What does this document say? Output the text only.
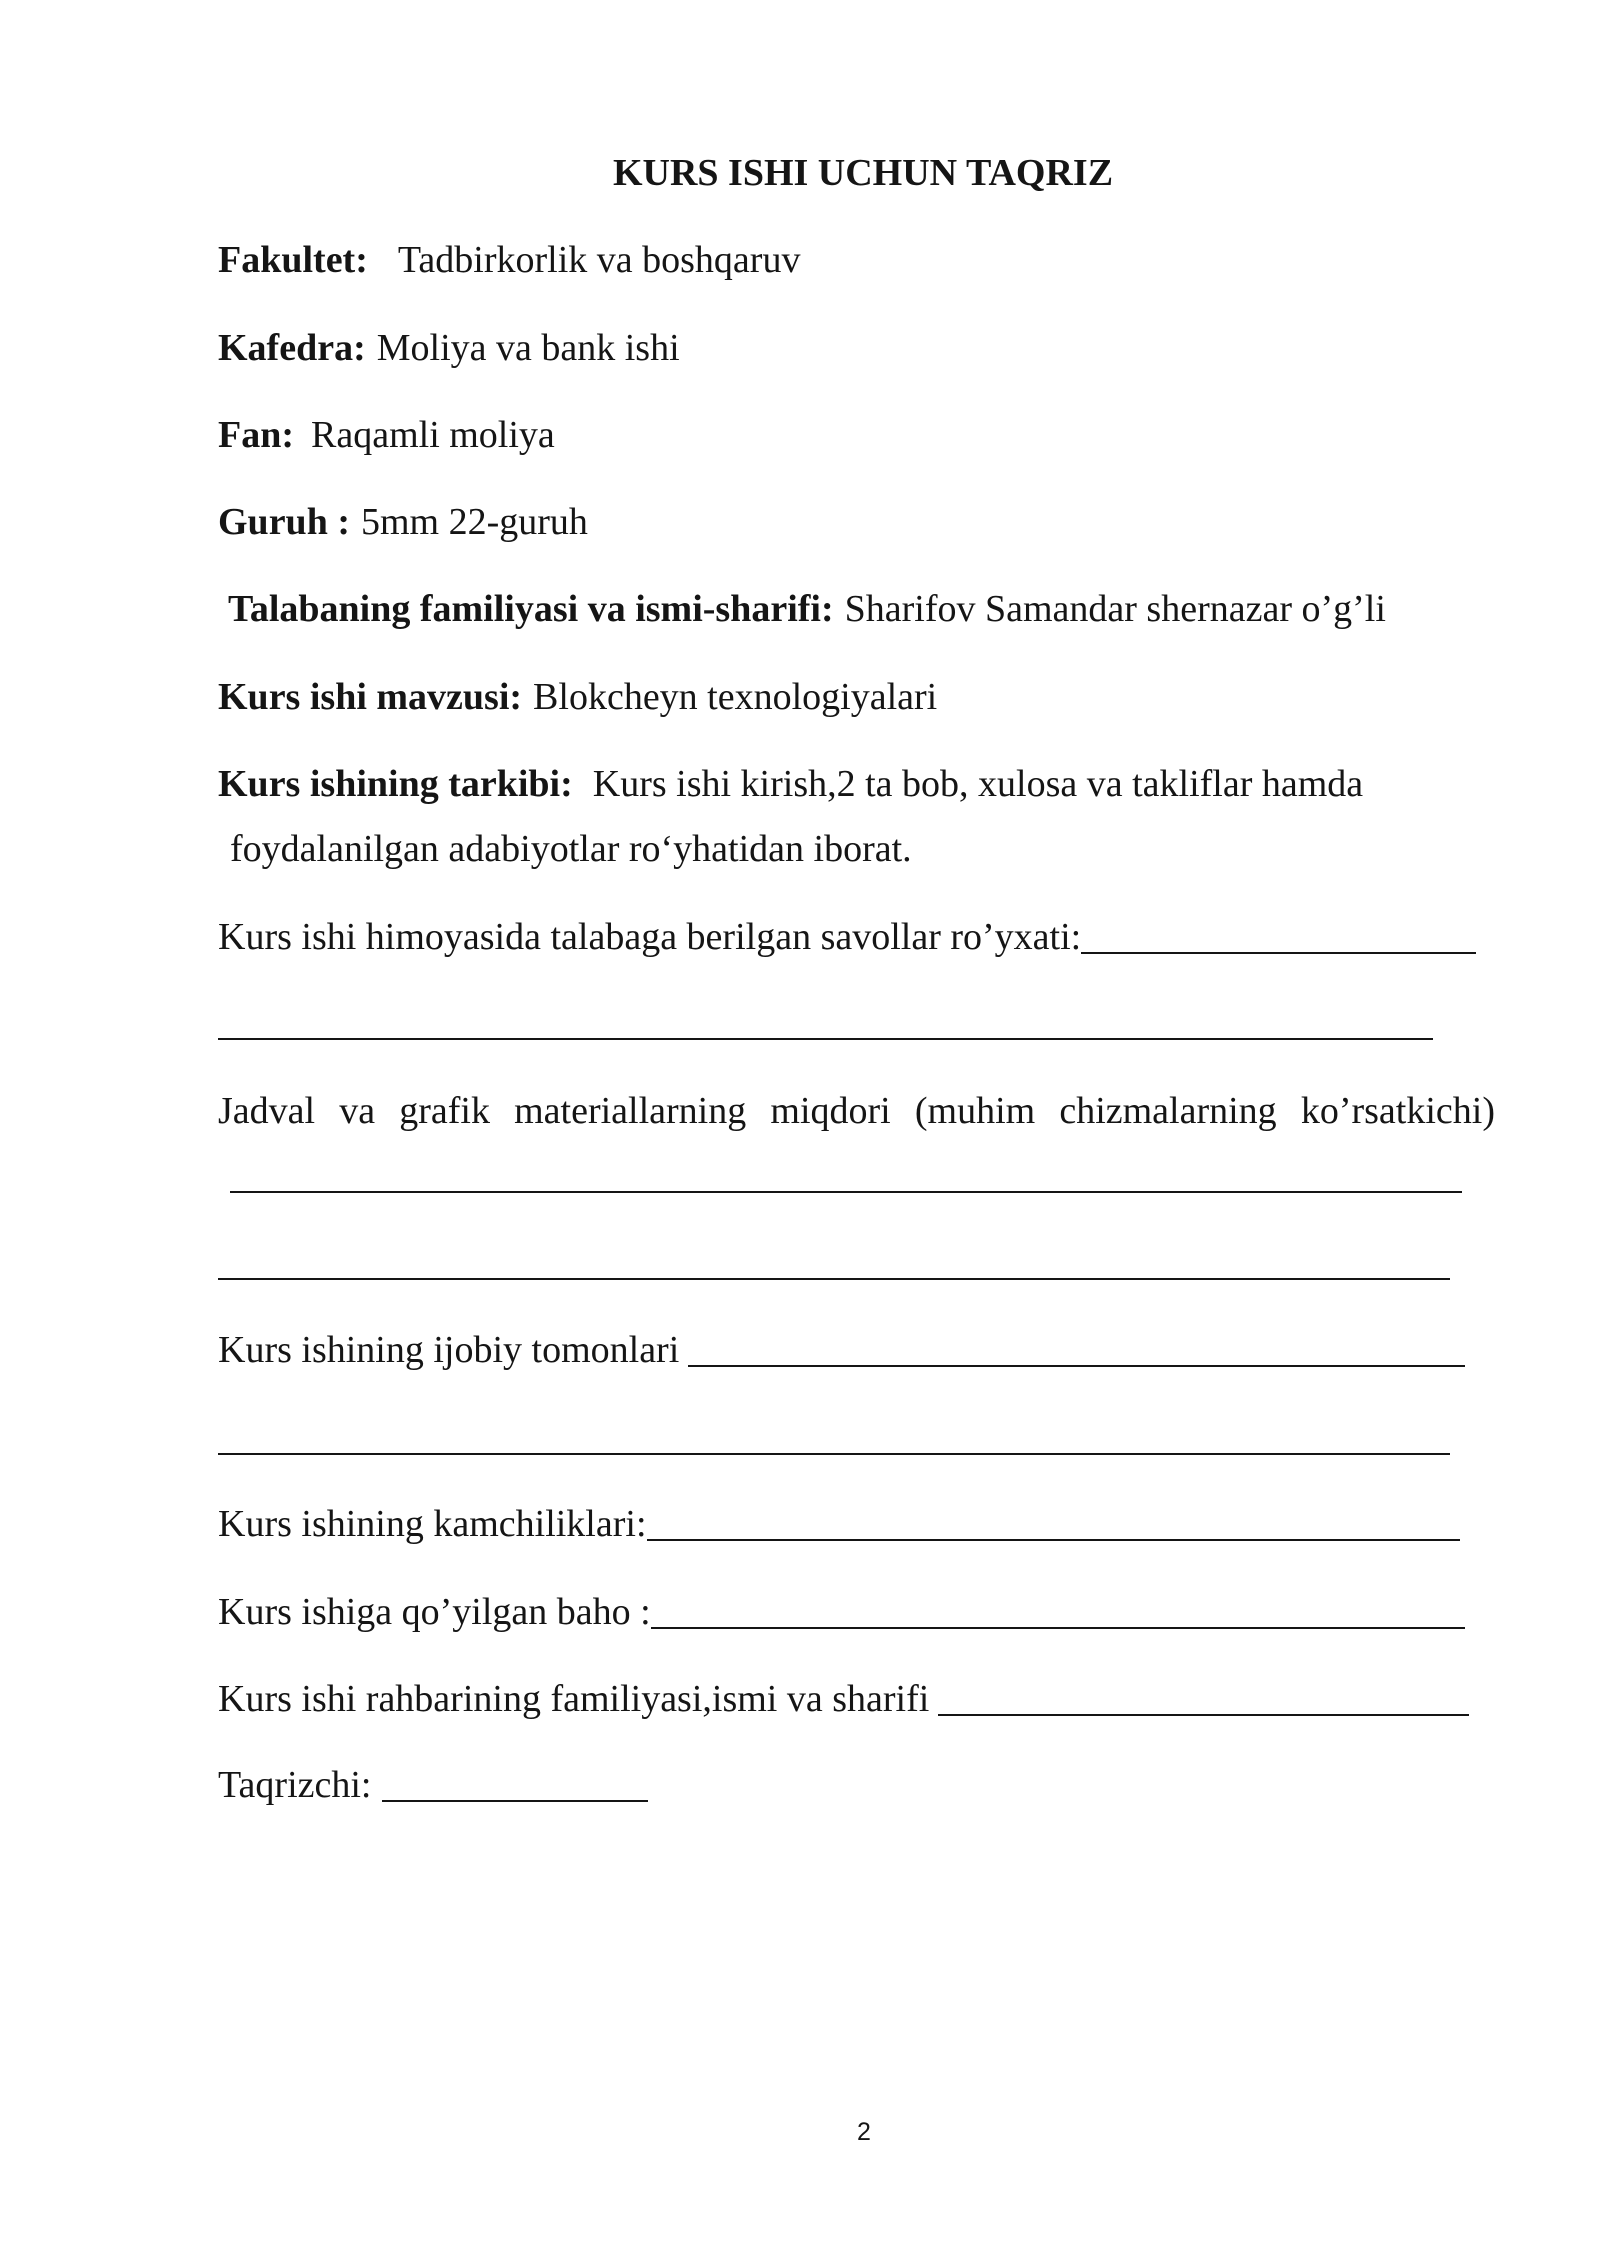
KURS ISHI UCHUN TAQRIZ
Fakultet: Tadbirkorlik va boshqaruv
Kafedra: Moliya va bank ishi
Fan: Raqamli moliya
Guruh : 5mm 22-guruh
Talabaning familiyasi va ismi-sharifi: Sharifov Samandar shernazar o’g’li
Kurs ishi mavzusi: Blokcheyn texnologiyalari
Kurs ishining tarkibi: Kurs ishi kirish,2 ta bob, xulosa va takliflar hamda
foydalanilgan adabiyotlar ro‘yhatidan iborat.
Kurs ishi himoyasida talabaga berilgan savollar ro’yxati:
Jadval va grafik materiallarning miqdori (muhim chizmalarning ko’rsatkichi)
Kurs ishining ijobiy tomonlari
Kurs ishining kamchiliklari:
Kurs ishiga qo’yilgan baho :
Kurs ishi rahbarining familiyasi,ismi va sharifi
Taqrizchi:
2
